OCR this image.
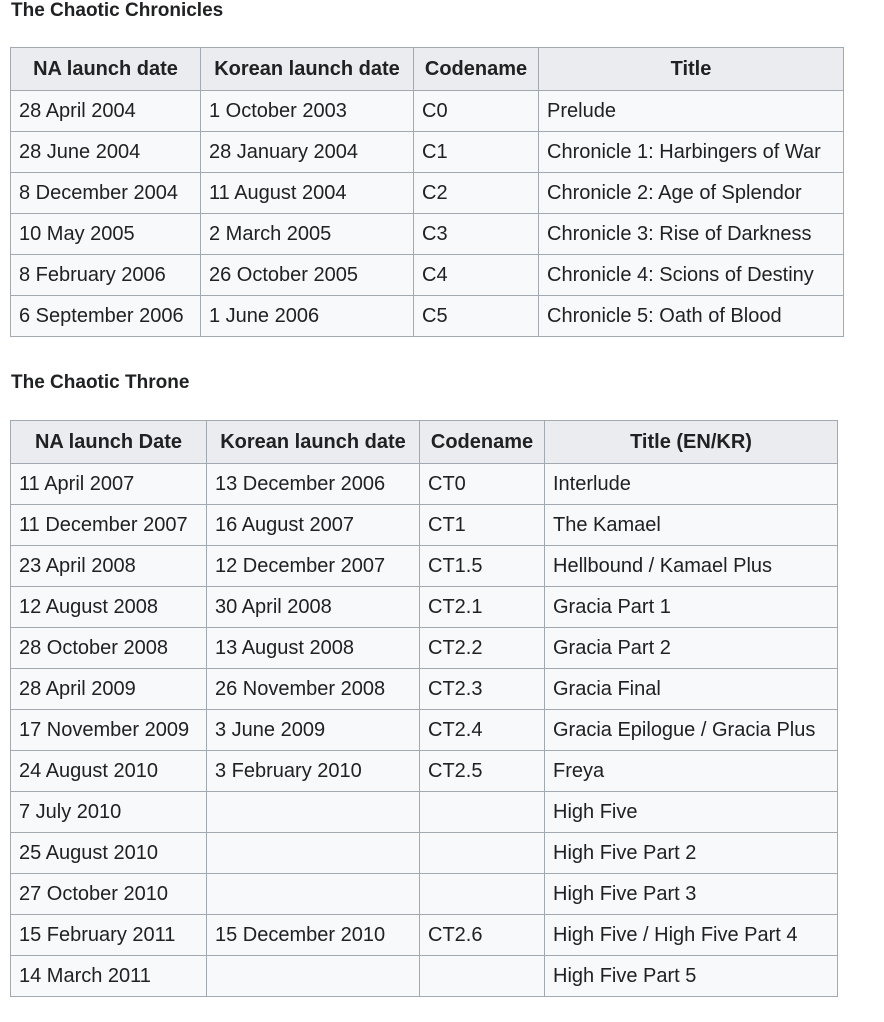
The Chaotic Chronicles
NA launch date	Korean launch date	Codename	Title
28 April 2004	1 October 2003	C0	Prelude
28 June 2004	28 January 2004	C1	Chronicle 1: Harbingers of War
8 December 2004	11 August 2004	C2	Chronicle 2: Age of Splendor
10 May 2005	2 March 2005	C3	Chronicle 3: Rise of Darkness
8 February 2006	26 October 2005	C4	Chronicle 4: Scions of Destiny
6 September 2006	1 June 2006	C5	Chronicle 5: Oath of Blood
The Chaotic Throne
NA launch Date	Korean launch date	Codename	Title (EN/KR)
11 April 2007	13 December 2006	CT0	Interlude
11 December 2007	16 August 2007	CT1	The Kamael
23 April 2008	12 December 2007	CT1.5	Hellbound / Kamael Plus
12 August 2008	30 April 2008	CT2.1	Gracia Part 1
28 October 2008	13 August 2008	CT2.2	Gracia Part 2
28 April 2009	26 November 2008	CT2.3	Gracia Final
17 November 2009	3 June 2009	CT2.4	Gracia Epilogue / Gracia Plus
24 August 2010	3 February 2010	CT2.5	Freya
7 July 2010			High Five
25 August 2010			High Five Part 2
27 October 2010			High Five Part 3
15 February 2011	15 December 2010	CT2.6	High Five / High Five Part 4
14 March 2011			High Five Part 5
